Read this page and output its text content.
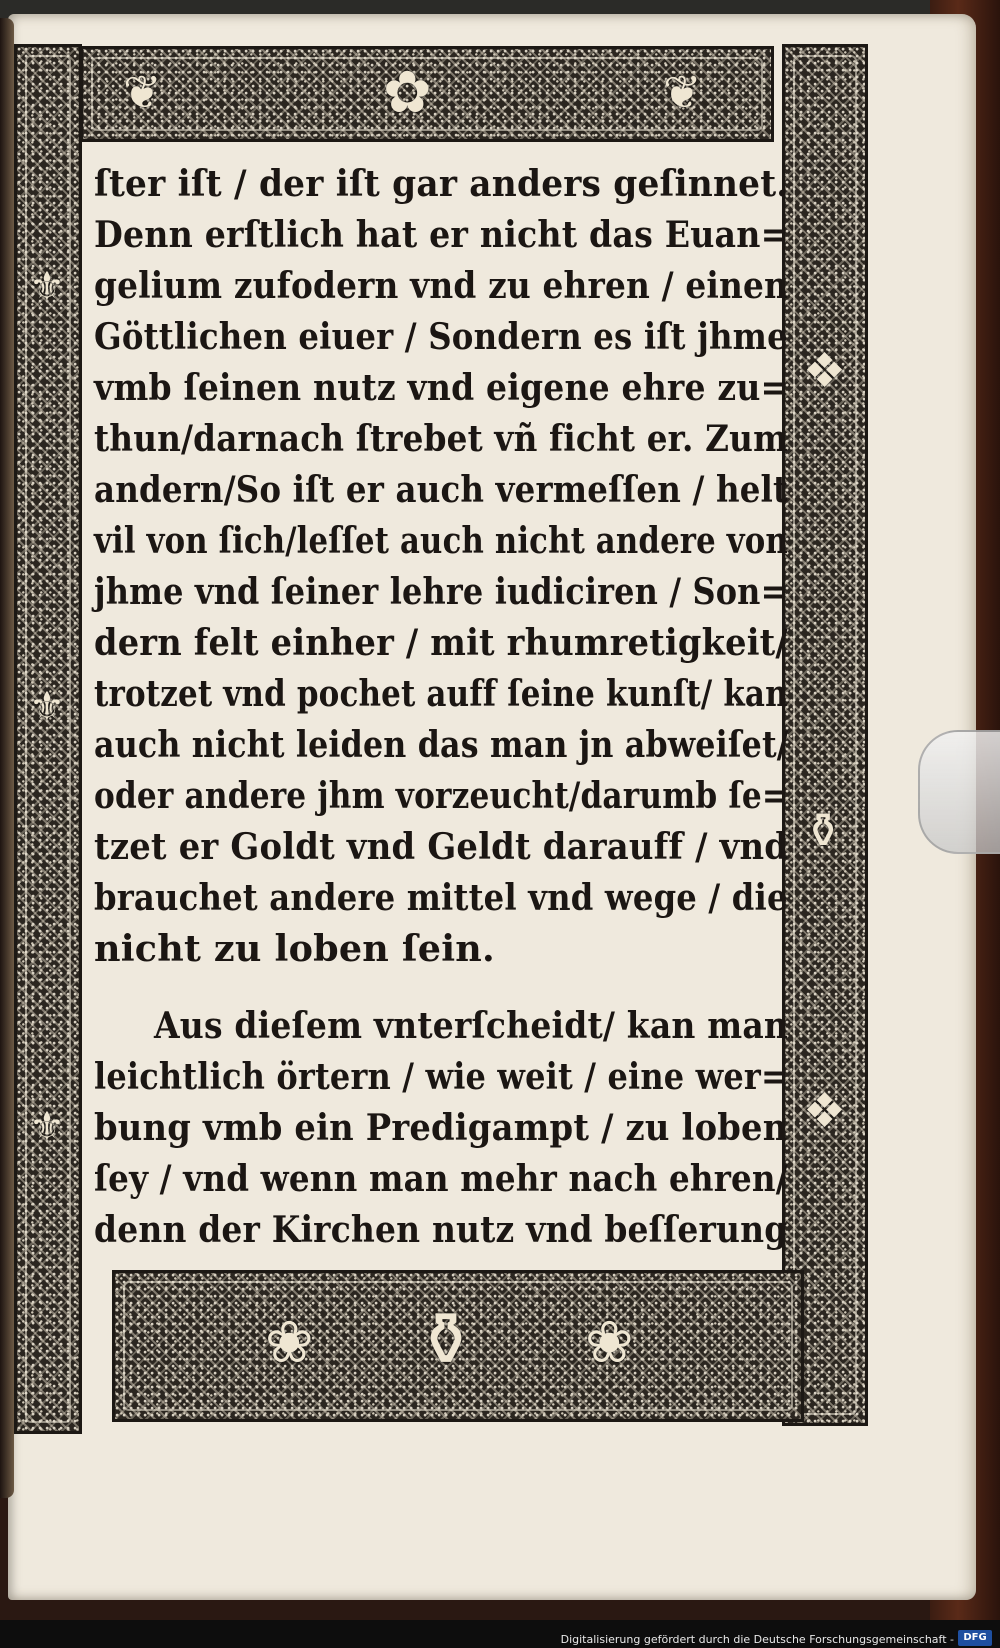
✿
❦	❦
⚜
⚜
⚜
❖
⚱
❖
⚱
❀	❀
ſter iſt / der iſt gar anders geſinnet.
Denn erſtlich hat er nicht das Euan=
gelium zufodern vnd zu ehren / einen
Göttlichen eiuer / Sondern es iſt jhme
vmb ſeinen nutz vnd eigene ehre zu=
thun/darnach ſtrebet vñ ficht er. Zum
andern/So iſt er auch vermeſſen / helt
vil von ſich/leſſet auch nicht andere von
jhme vnd ſeiner lehre iudiciren / Son=
dern felt einher / mit rhumretigkeit/
trotzet vnd pochet auff ſeine kunſt/ kan
auch nicht leiden das man jn abweiſet/
oder andere jhm vorzeucht/darumb ſe=
tzet er Goldt vnd Geldt darauff / vnd
brauchet andere mittel vnd wege / die
nicht zu loben ſein.
Aus dieſem vnterſcheidt/ kan man
leichtlich örtern / wie weit / eine wer=
bung vmb ein Predigampt / zu loben
ſey / vnd wenn man mehr nach ehren/
denn der Kirchen nutz vnd beſſerung
Digitalisierung gefördert durch die Deutsche Forschungsgemeinschaft - DFG
